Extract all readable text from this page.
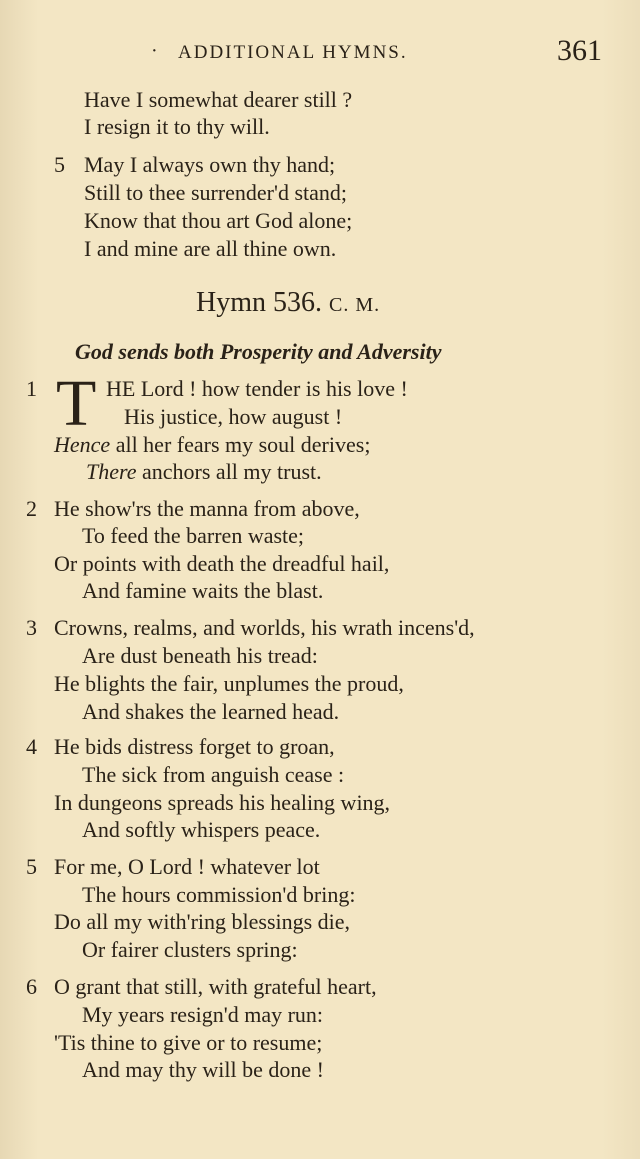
· ADDITIONAL HYMNS.	361
Have I somewhat dearer still ?
I resign it to thy will.
5 May I always own thy hand;
Still to thee surrender'd stand;
Know that thou art God alone;
I and mine are all thine own.
Hymn 536. C. M.
God sends both Prosperity and Adversity
1 T HE Lord ! how tender is his love !
His justice, how august !
Hence all her fears my soul derives;
There anchors all my trust.
2 He show'rs the manna from above,
To feed the barren waste;
Or points with death the dreadful hail,
And famine waits the blast.
3 Crowns, realms, and worlds, his wrath incens'd,
Are dust beneath his tread:
He blights the fair, unplumes the proud,
And shakes the learned head.
4 He bids distress forget to groan,
The sick from anguish cease :
In dungeons spreads his healing wing,
And softly whispers peace.
5 For me, O Lord ! whatever lot
The hours commission'd bring:
Do all my with'ring blessings die,
Or fairer clusters spring:
6 O grant that still, with grateful heart,
My years resign'd may run:
'Tis thine to give or to resume;
And may thy will be done !
